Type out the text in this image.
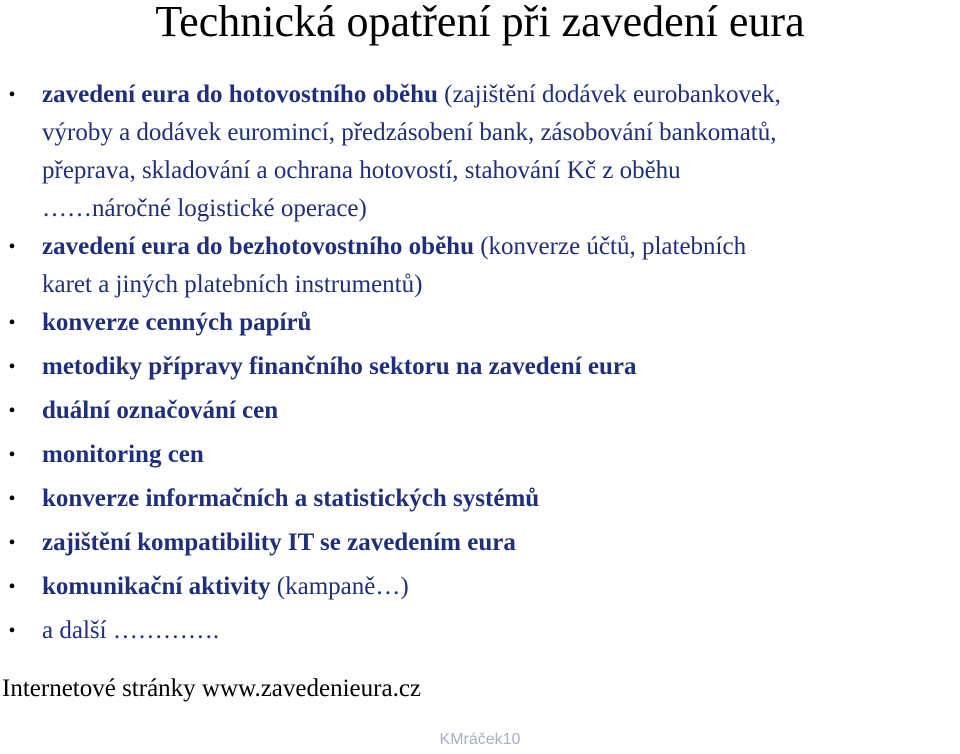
Technická opatření při zavedení eura
•	zavedení eura do hotovostního oběhu (zajištění dodávek eurobankovek,
výroby a dodávek euromincí, předzásobení bank, zásobování bankomatů,
přeprava, skladování a ochrana hotovostí, stahování Kč z oběhu
……náročné logistické operace)
•	zavedení eura do bezhotovostního oběhu (konverze účtů, platebních
karet a jiných platebních instrumentů)
•	konverze cenných papírů
•	metodiky přípravy finančního sektoru na zavedení eura
•	duální označování cen
•	monitoring cen
•	konverze informačních a statistických systémů
•	zajištění kompatibility IT se zavedením eura
•	komunikační aktivity (kampaně…)
•	a další ………….

Internetové stránky www.zavedenieura.cz

KMráček10
